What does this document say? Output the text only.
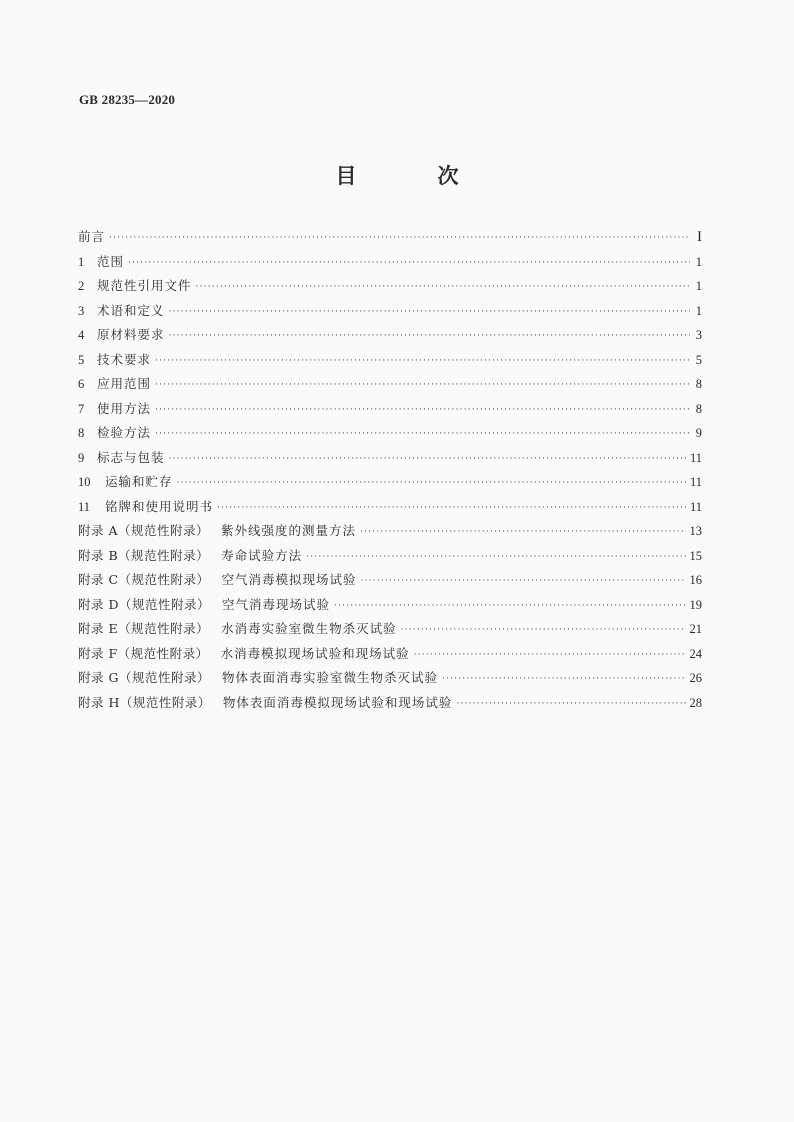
GB 28235—2020
目　次
前言 ·····	I
1	范围 ·····	1
2	规范性引用文件 ·····	1
3	术语和定义 ·····	1
4	原材料要求 ·····	3
5	技术要求 ·····	5
6	应用范围 ·····	8
7	使用方法 ·····	8
8	检验方法 ·····	9
9	标志与包装 ·····	11
10	运输和贮存 ·····	11
11	铭牌和使用说明书 ·····	11
附录 A（规范性附录） 紫外线强度的测量方法 ·····	13
附录 B（规范性附录） 寿命试验方法 ·····	15
附录 C（规范性附录） 空气消毒模拟现场试验 ·····	16
附录 D（规范性附录） 空气消毒现场试验 ·····	19
附录 E（规范性附录） 水消毒实验室微生物杀灭试验 ·····	21
附录 F（规范性附录） 水消毒模拟现场试验和现场试验 ·····	24
附录 G（规范性附录） 物体表面消毒实验室微生物杀灭试验 ·····	26
附录 H（规范性附录） 物体表面消毒模拟现场试验和现场试验 ·····	28
